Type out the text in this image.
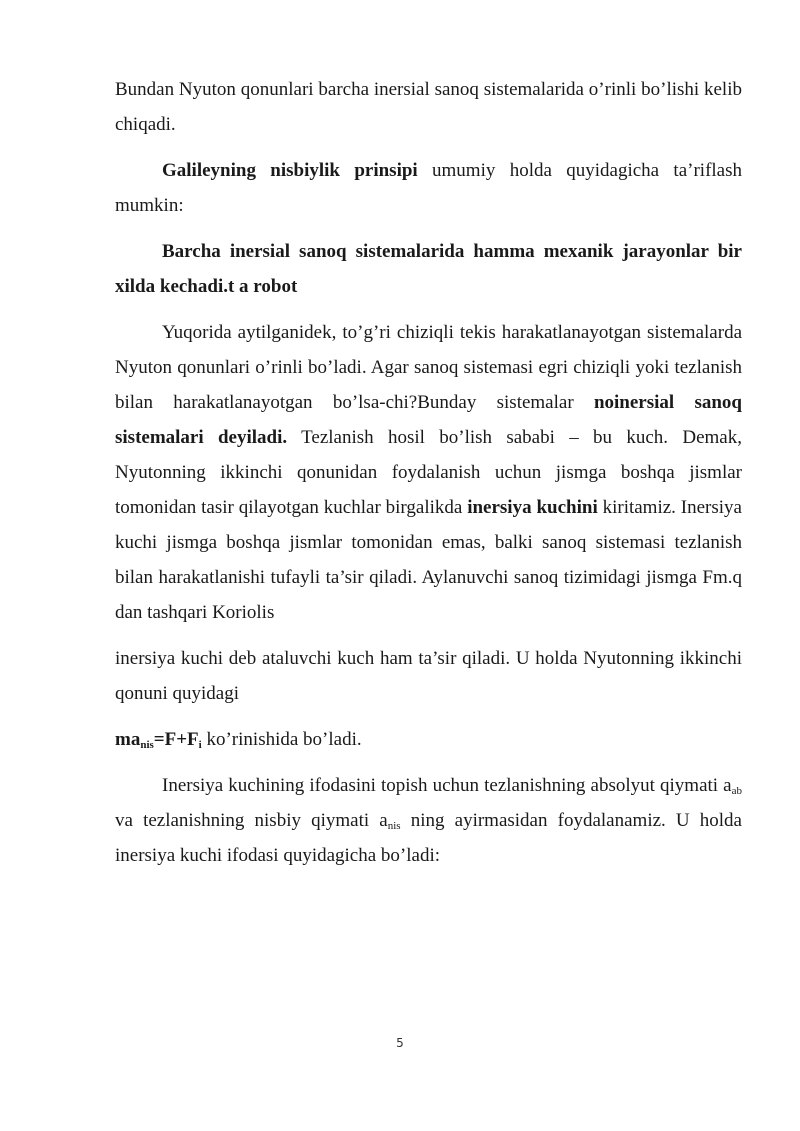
Bundan Nyuton qonunlari barcha inersial sanoq sistemalarida o’rinli bo’lishi kelib chiqadi.

Galileyning nisbiylik prinsipi umumiy holda quyidagicha ta’riflash mumkin:

Barcha inersial sanoq sistemalarida hamma mexanik jarayonlar bir xilda kechadi.t a robot

Yuqorida aytilganidek, to’g’ri chiziqli tekis harakatlanayotgan sistemalarda Nyuton qonunlari o’rinli bo’ladi. Agar sanoq sistemasi egri chiziqli yoki tezlanish bilan harakatlanayotgan bo’lsa-chi?Bunday sistemalar noinersial sanoq sistemalari deyiladi. Tezlanish hosil bo’lish sababi – bu kuch. Demak, Nyutonning ikkinchi qonunidan foydalanish uchun jismga boshqa jismlar tomonidan tasir qilayotgan kuchlar birgalikda inersiya kuchini kiritamiz. Inersiya kuchi jismga boshqa jismlar tomonidan emas, balki sanoq sistemasi tezlanish bilan harakatlanishi tufayli ta’sir qiladi. Aylanuvchi sanoq tizimidagi jismga Fm.q dan tashqari Koriolis

inersiya kuchi deb ataluvchi kuch ham ta’sir qiladi. U holda Nyutonning ikkinchi qonuni quyidagi

$ma_{nis}=F+F_i$ ko’rinishida bo’ladi.

Inersiya kuchining ifodasini topish uchun tezlanishning absolyut qiymati $a_{ab}$ va tezlanishning nisbiy qiymati $a_{nis}$ ning ayirmasidan foydalanamiz. U holda inersiya kuchi ifodasi quyidagicha bo’ladi:

5
